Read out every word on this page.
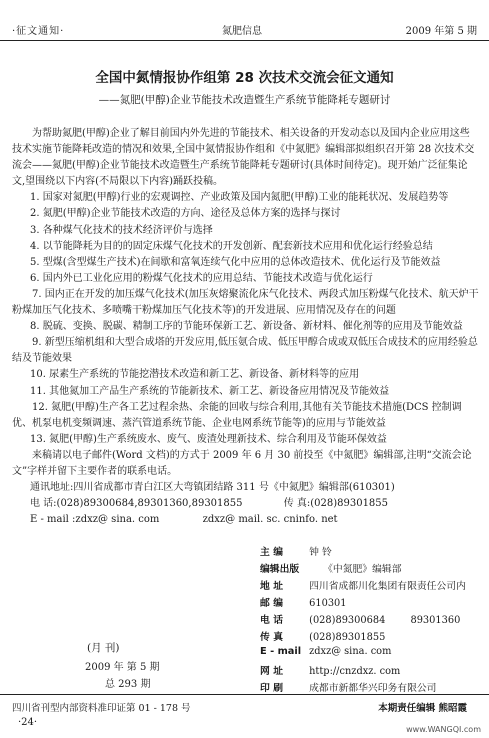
·征文通知·	氮肥信息	2009 年第 5 期
全国中氮情报协作组第 28 次技术交流会征文通知
——氮肥(甲醇)企业节能技术改造暨生产系统节能降耗专题研讨

为帮助氮肥(甲醇)企业了解目前国内外先进的节能技术、相关设备的开发动态以及国内企业应用这些技术实施节能降耗改造的情况和效果,全国中氮情报协作组和《中氮肥》编辑部拟组织召开第 28 次技术交流会——氮肥(甲醇)企业节能技术改造暨生产系统节能降耗专题研讨(具体时间待定)。现开始广泛征集论文,望围绕以下内容(不局限以下内容)踊跃投稿。

1. 国家对氮肥(甲醇)行业的宏观调控、产业政策及国内氮肥(甲醇)工业的能耗状况、发展趋势等

2. 氮肥(甲醇)企业节能技术改造的方向、途径及总体方案的选择与探讨

3. 各种煤气化技术的技术经济评价与选择

4. 以节能降耗为目的的固定床煤气化技术的开发创新、配套新技术应用和优化运行经验总结

5. 型煤(含型煤生产技术)在间歇和富氧连续气化中应用的总体改造技术、优化运行及节能效益

6. 国内外已工业化应用的粉煤气化技术的应用总结、节能技术改造与优化运行

7. 国内正在开发的加压煤气化技术(加压灰熔聚流化床气化技术、两段式加压粉煤气化技术、航天炉干粉煤加压气化技术、多喷嘴干粉煤加压气化技术等)的开发进展、应用情况及存在的问题

8. 脱硫、变换、脱碳、精制工序的节能环保新工艺、新设备、新材料、催化剂等的应用及节能效益

9. 新型压缩机组和大型合成塔的开发应用,低压氨合成、低压甲醇合成或双低压合成技术的应用经验总结及节能效果

10. 尿素生产系统的节能挖潜技术改造和新工艺、新设备、新材料等的应用

11. 其他氮加工产品生产系统的节能新技术、新工艺、新设备应用情况及节能效益

12. 氮肥(甲醇)生产各工艺过程余热、余能的回收与综合利用,其他有关节能技术措施(DCS 控制调优、机泵电机变频调速、蒸汽管道系统节能、企业电网系统节能等)的应用与节能效益

13. 氮肥(甲醇)生产系统废水、废气、废渣处理新技术、综合利用及节能环保效益

来稿请以电子邮件(Word 文档)的方式于 2009 年 6 月 30 前投至《中氮肥》编辑部,注明“交流会论文”字样并留下主要作者的联系电话。

通讯地址:四川省成都市青白江区大弯镇团结路 311 号《中氮肥》编辑部(610301)

电 话:(028)89300684,89301360,89301855	传 真:(028)89301855

E - mail :zdxz@ sina. com	zdxz@ mail. sc. cninfo. net

主 编	钟 铃
编辑出版 《中氮肥》编辑部
地 址	四川省成都川化集团有限责任公司内
邮 编	610301
电 话	(028)89300684	89301360
传 真	(028)89301855
E - mail zdxz@ sina. com
网 址	http://cnzdxz. com
印 刷	成都市新都华兴印务有限公司
(月 刊)
2009 年 第 5 期
总 293 期
四川省刊型内部资料准印证第 01 - 178 号	本期责任编辑 熊昭霞
·24·
www.WANGQI.com
